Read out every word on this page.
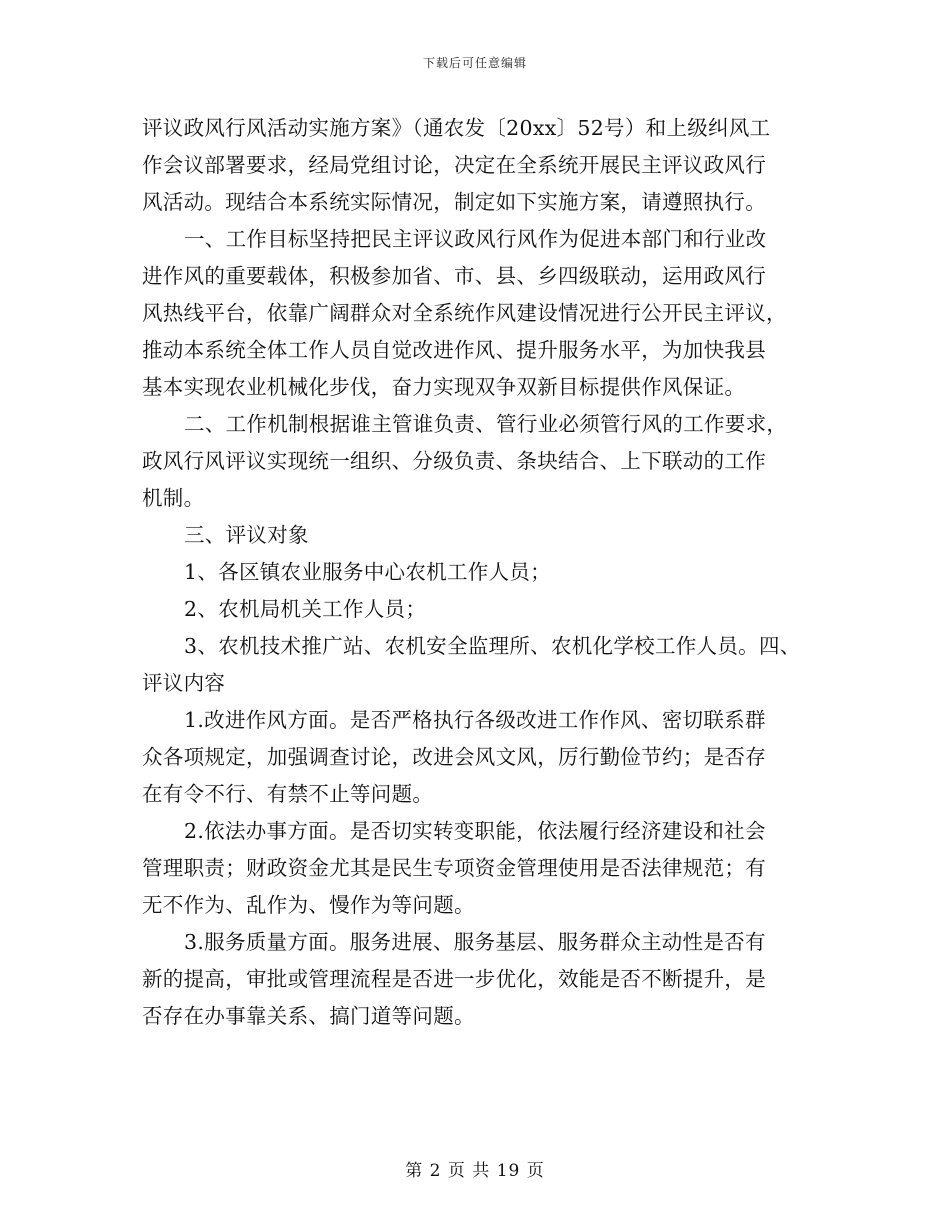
下载后可任意编辑
评议政风行风活动实施方案》（通农发〔20xx〕52号）和上级纠风工
作会议部署要求，经局党组讨论，决定在全系统开展民主评议政风行
风活动。现结合本系统实际情况，制定如下实施方案，请遵照执行。
一、工作目标坚持把民主评议政风行风作为促进本部门和行业改
进作风的重要载体，积极参加省、市、县、乡四级联动，运用政风行
风热线平台，依靠广阔群众对全系统作风建设情况进行公开民主评议，
推动本系统全体工作人员自觉改进作风、提升服务水平，为加快我县
基本实现农业机械化步伐，奋力实现双争双新目标提供作风保证。
二、工作机制根据谁主管谁负责、管行业必须管行风的工作要求，
政风行风评议实现统一组织、分级负责、条块结合、上下联动的工作
机制。
三、评议对象
1、各区镇农业服务中心农机工作人员；
2、农机局机关工作人员；
3、农机技术推广站、农机安全监理所、农机化学校工作人员。四、
评议内容
1.改进作风方面。是否严格执行各级改进工作作风、密切联系群
众各项规定，加强调查讨论，改进会风文风，厉行勤俭节约；是否存
在有令不行、有禁不止等问题。
2.依法办事方面。是否切实转变职能，依法履行经济建设和社会
管理职责；财政资金尤其是民生专项资金管理使用是否法律规范；有
无不作为、乱作为、慢作为等问题。
3.服务质量方面。服务进展、服务基层、服务群众主动性是否有
新的提高，审批或管理流程是否进一步优化，效能是否不断提升，是
否存在办事靠关系、搞门道等问题。
第 2 页 共 19 页
